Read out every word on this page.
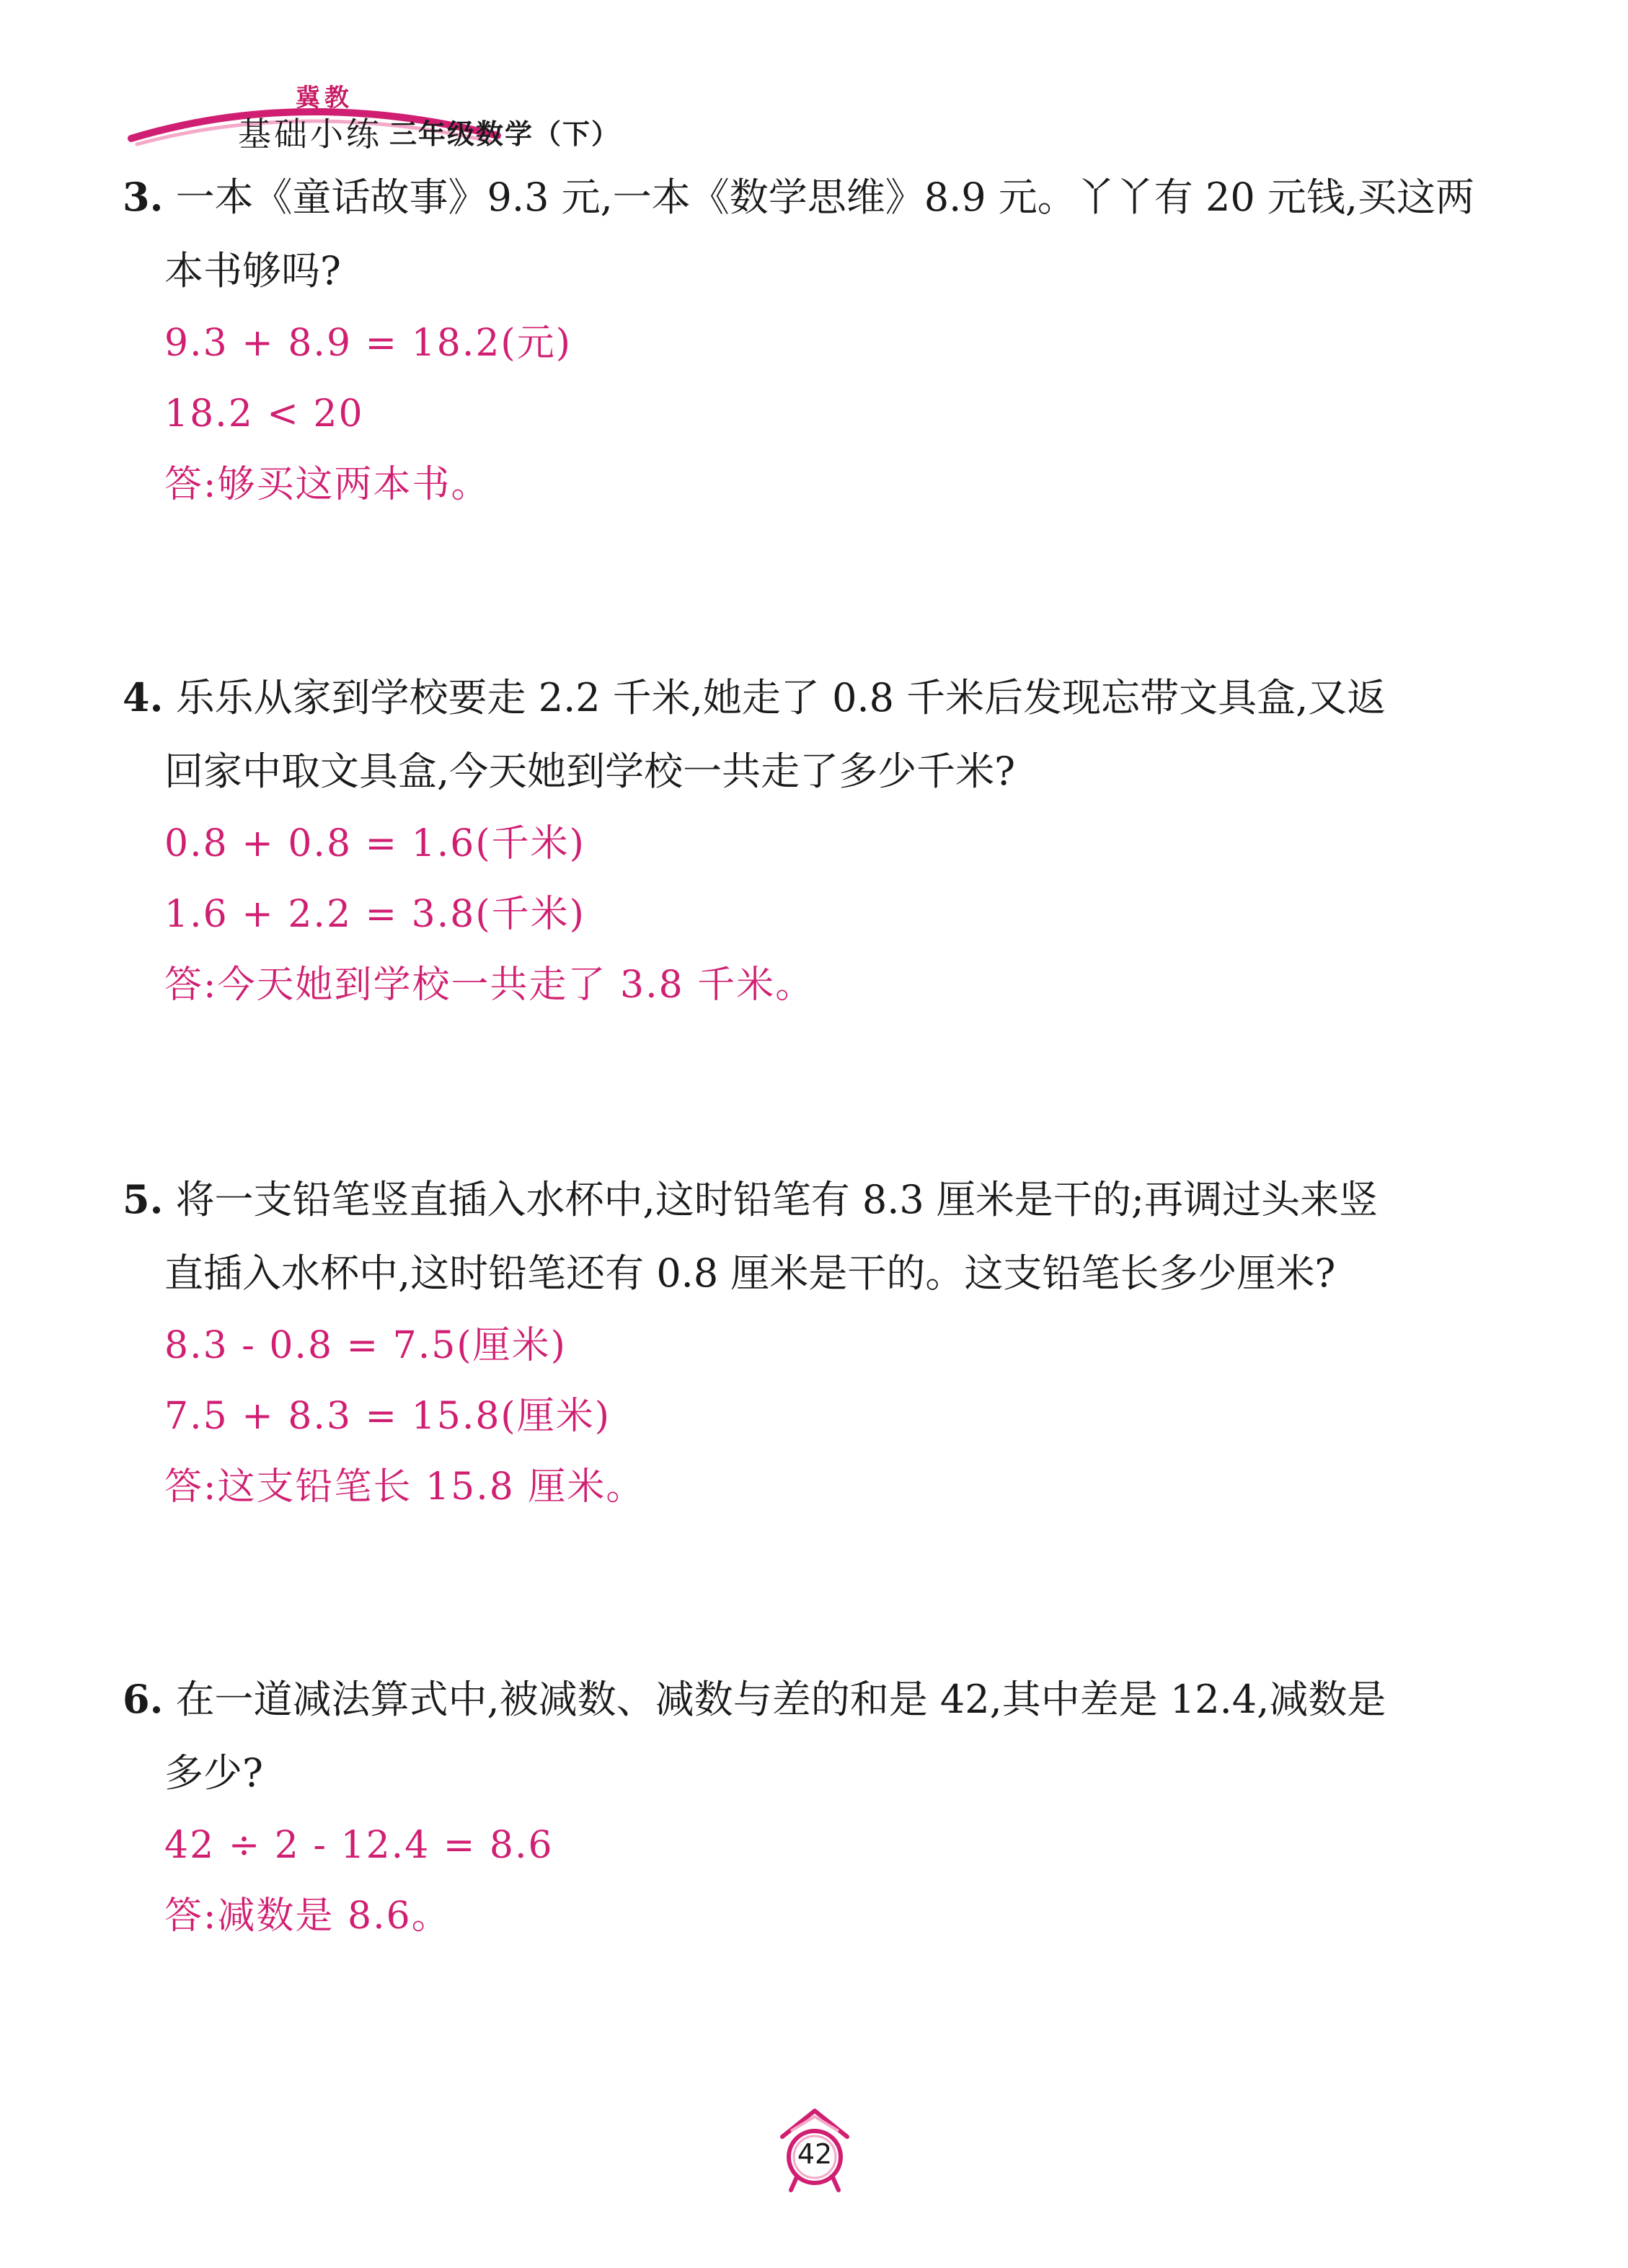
冀教
基础小练 三年级数学（下）
3. 一本《童话故事》9.3 元,一本《数学思维》8.9 元。丫丫有 20 元钱,买这两
本书够吗?
9.3 + 8.9 = 18.2(元)
18.2 < 20
答:够买这两本书。
4. 乐乐从家到学校要走 2.2 千米,她走了 0.8 千米后发现忘带文具盒,又返
回家中取文具盒,今天她到学校一共走了多少千米?
0.8 + 0.8 = 1.6(千米)
1.6 + 2.2 = 3.8(千米)
答:今天她到学校一共走了 3.8 千米。
5. 将一支铅笔竖直插入水杯中,这时铅笔有 8.3 厘米是干的;再调过头来竖
直插入水杯中,这时铅笔还有 0.8 厘米是干的。这支铅笔长多少厘米?
8.3 - 0.8 = 7.5(厘米)
7.5 + 8.3 = 15.8(厘米)
答:这支铅笔长 15.8 厘米。
6. 在一道减法算式中,被减数、减数与差的和是 42,其中差是 12.4,减数是
多少?
42 ÷ 2 - 12.4 = 8.6
答:减数是 8.6。
42
